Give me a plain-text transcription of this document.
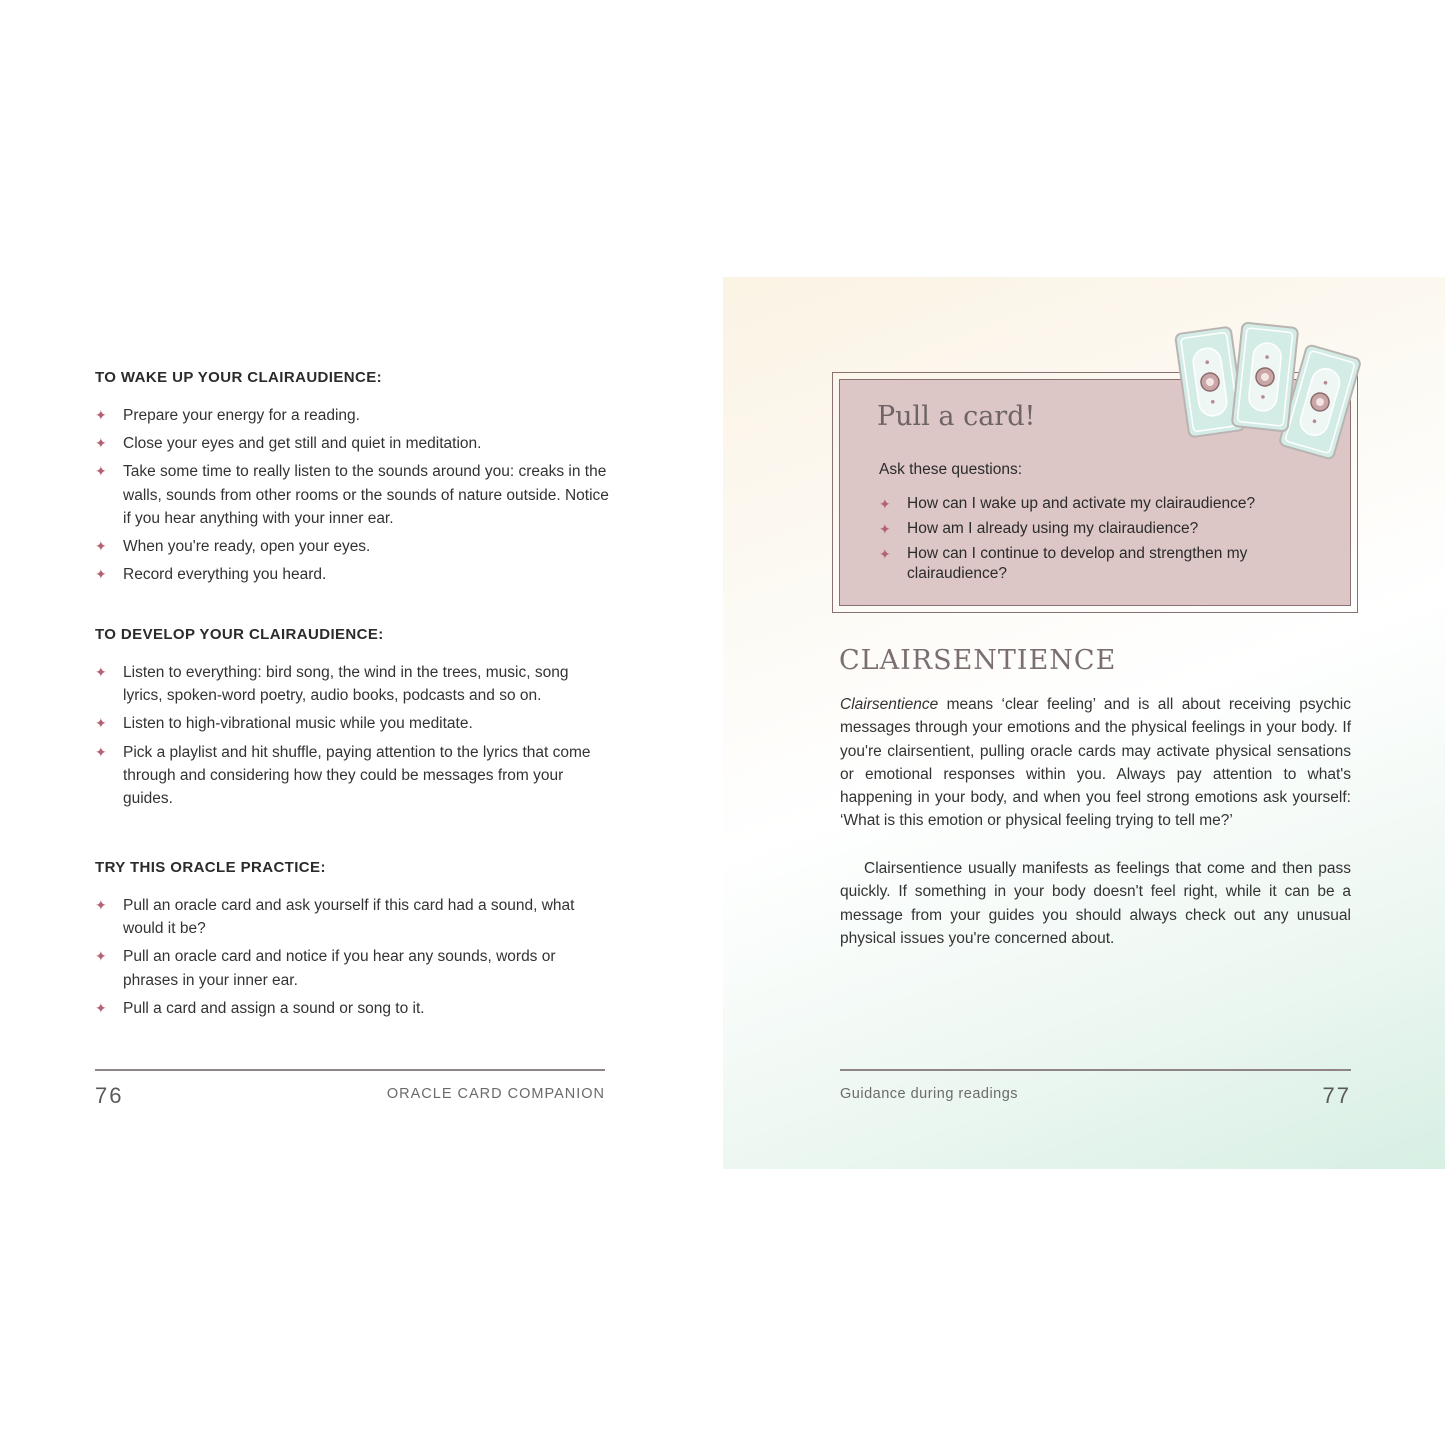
TO WAKE UP YOUR CLAIRAUDIENCE:
✦ Prepare your energy for a reading.
✦ Close your eyes and get still and quiet in meditation.
✦ Take some time to really listen to the sounds around you: creaks in the walls, sounds from other rooms or the sounds of nature outside. Notice if you hear anything with your inner ear.
✦ When you're ready, open your eyes.
✦ Record everything you heard.
TO DEVELOP YOUR CLAIRAUDIENCE:
✦ Listen to everything: bird song, the wind in the trees, music, song lyrics, spoken-word poetry, audio books, podcasts and so on.
✦ Listen to high-vibrational music while you meditate.
✦ Pick a playlist and hit shuffle, paying attention to the lyrics that come through and considering how they could be messages from your guides.
TRY THIS ORACLE PRACTICE:
✦ Pull an oracle card and ask yourself if this card had a sound, what would it be?
✦ Pull an oracle card and notice if you hear any sounds, words or phrases in your inner ear.
✦ Pull a card and assign a sound or song to it.
76	ORACLE CARD COMPANION
Pull a card!

Ask these questions:

✦ How can I wake up and activate my clairaudience?
✦ How am I already using my clairaudience?
✦ How can I continue to develop and strengthen my clairaudience?
CLAIRSENTIENCE

Clairsentience means ‘clear feeling’ and is all about receiving psychic messages through your emotions and the physical feelings in your body. If you're clairsentient, pulling oracle cards may activate physical sensations or emotional responses within you. Always pay attention to what's happening in your body, and when you feel strong emotions ask yourself: ‘What is this emotion or physical feeling trying to tell me?’

Clairsentience usually manifests as feelings that come and then pass quickly. If something in your body doesn't feel right, while it can be a message from your guides you should always check out any unusual physical issues you're concerned about.

Guidance during readings	77
